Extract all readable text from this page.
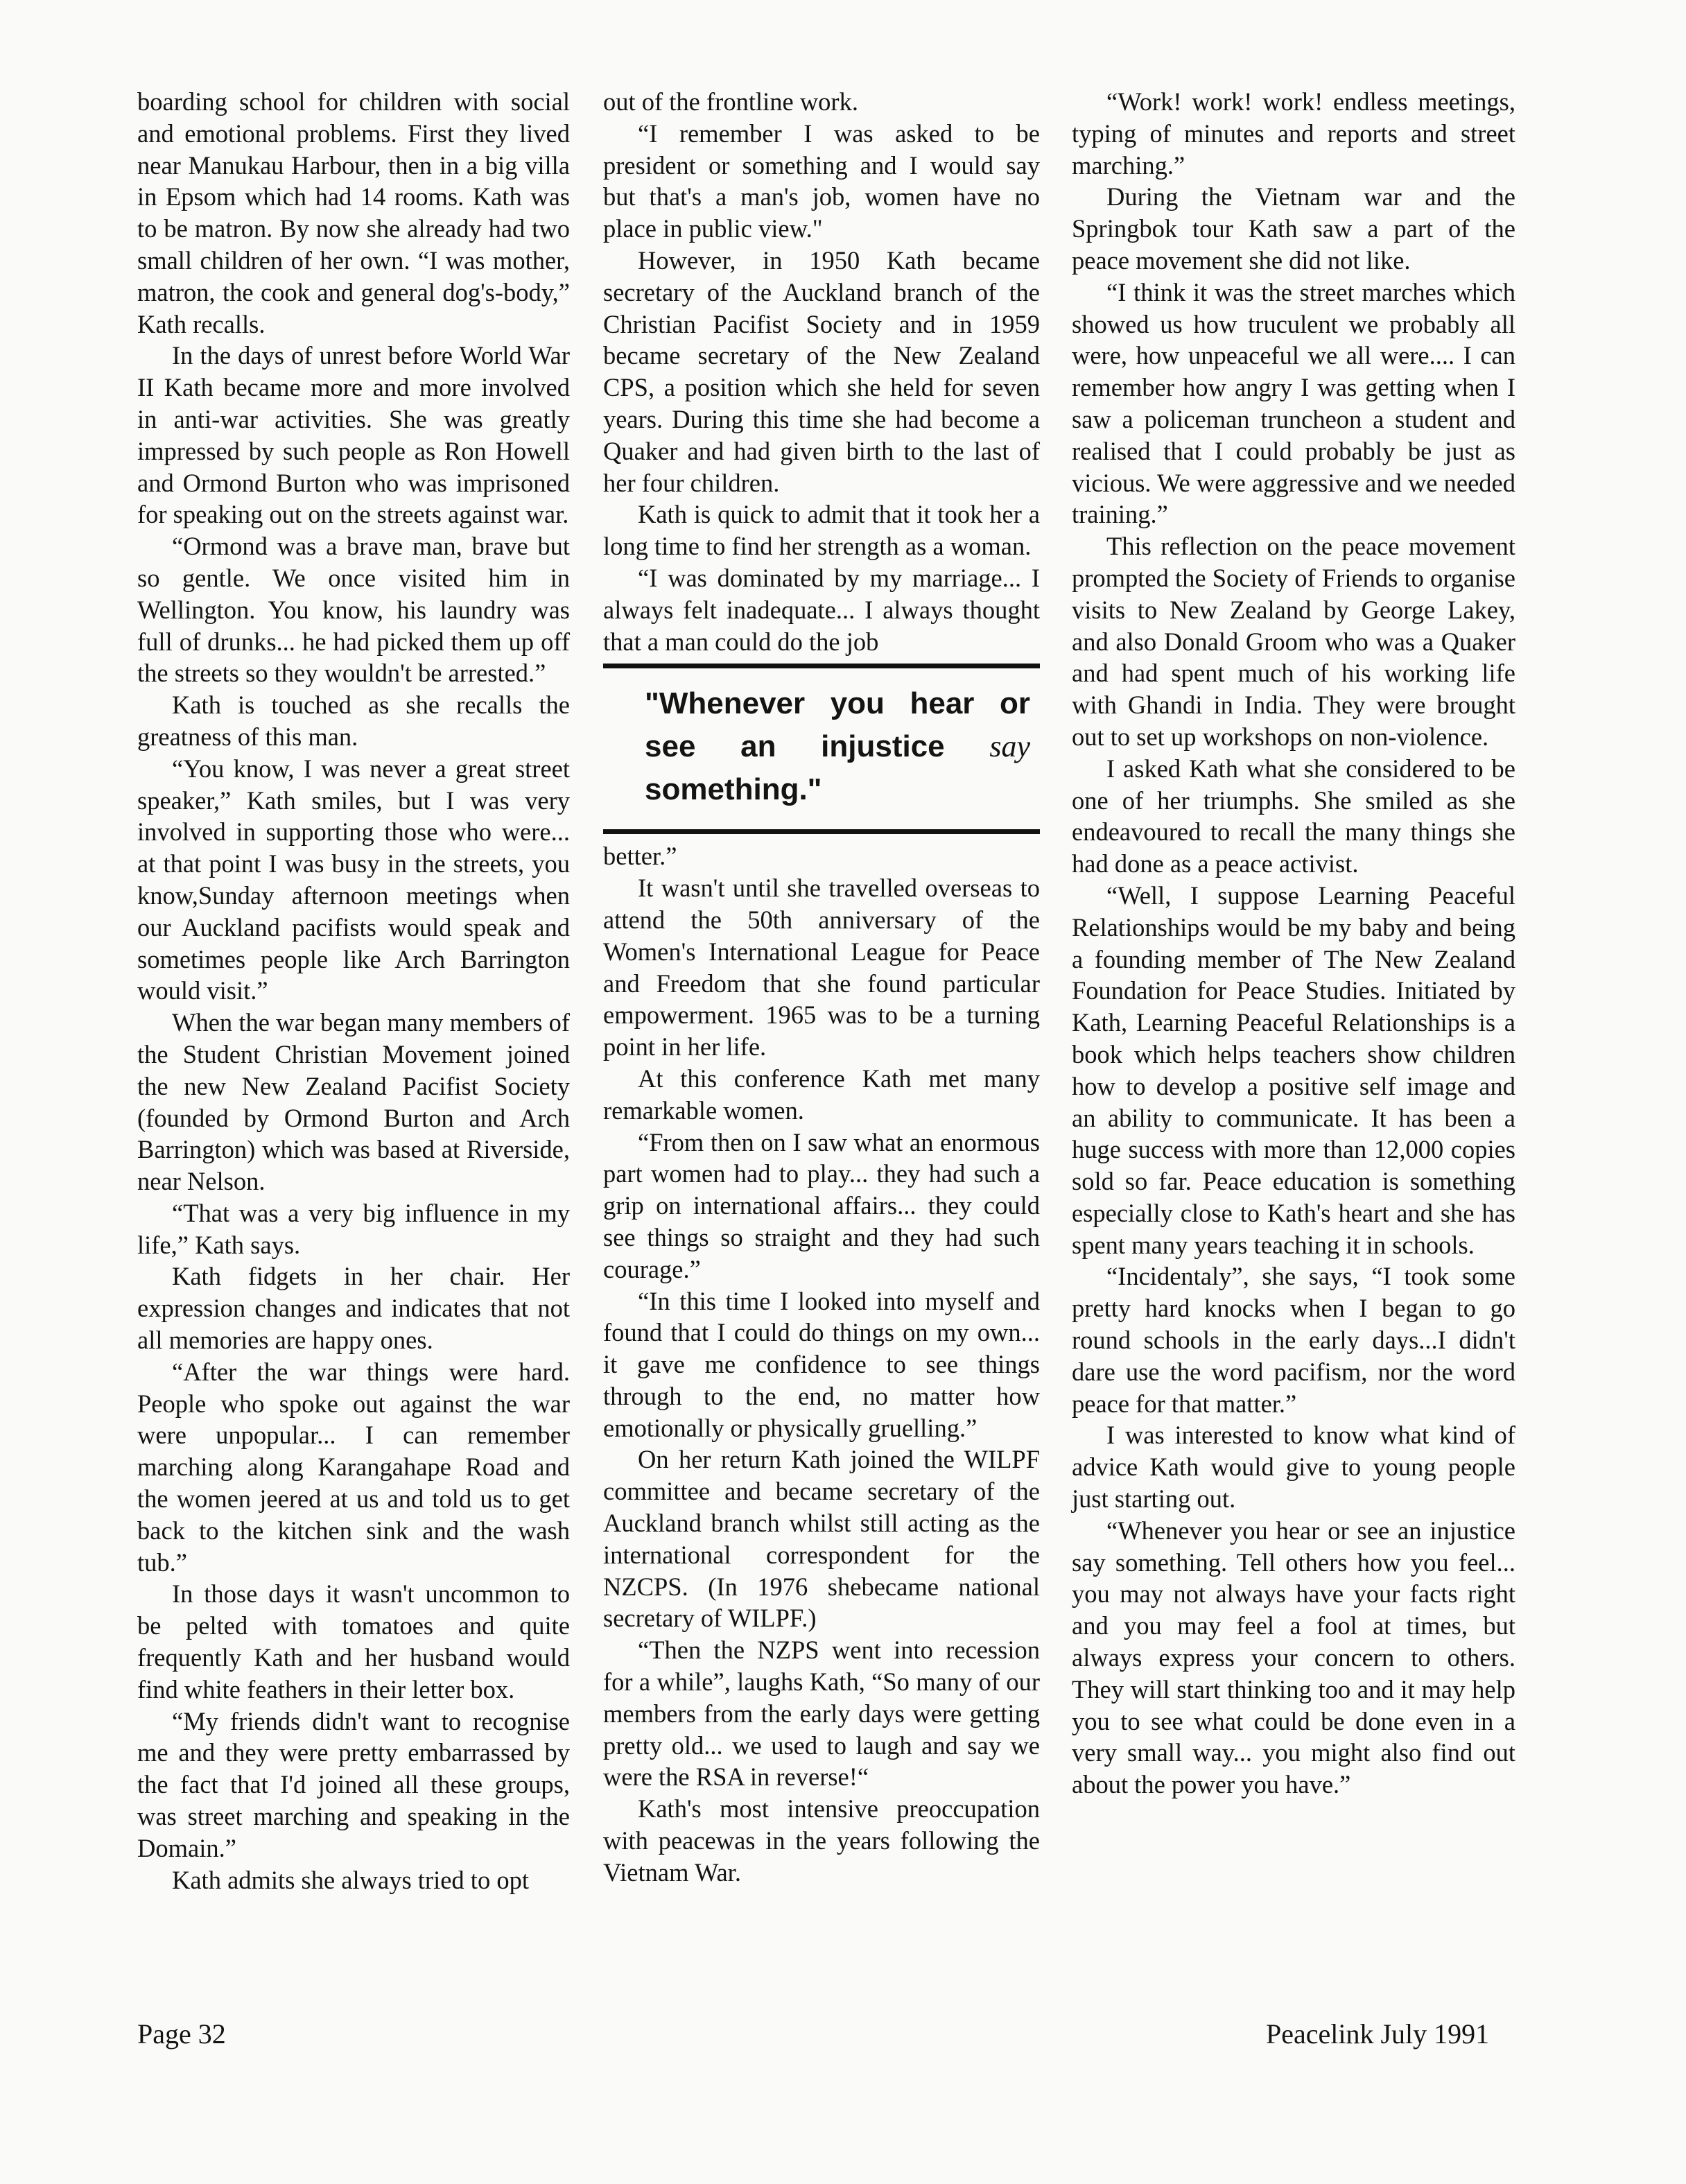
boarding school for children with social and emotional problems. First they lived near Manukau Harbour, then in a big villa in Epsom which had 14 rooms. Kath was to be matron. By now she already had two small children of her own. “I was mother, matron, the cook and general dog's-body,” Kath recalls.

In the days of unrest before World War II Kath became more and more involved in anti-war activities. She was greatly impressed by such people as Ron Howell and Ormond Burton who was imprisoned for speaking out on the streets against war.

“Ormond was a brave man, brave but so gentle. We once visited him in Wellington. You know, his laundry was full of drunks... he had picked them up off the streets so they wouldn't be arrested.”

Kath is touched as she recalls the greatness of this man.

“You know, I was never a great street speaker,” Kath smiles, but I was very involved in supporting those who were... at that point I was busy in the streets, you know,Sunday afternoon meetings when our Auckland pacifists would speak and sometimes people like Arch Barrington would visit.”

When the war began many members of the Student Christian Movement joined the new New Zealand Pacifist Society (founded by Ormond Burton and Arch Barrington) which was based at Riverside, near Nelson.

“That was a very big influence in my life,” Kath says.

Kath fidgets in her chair. Her expression changes and indicates that not all memories are happy ones.

“After the war things were hard. People who spoke out against the war were unpopular... I can remember marching along Karangahape Road and the women jeered at us and told us to get back to the kitchen sink and the wash tub.”

In those days it wasn't uncommon to be pelted with tomatoes and quite frequently Kath and her husband would find white feathers in their letter box.

“My friends didn't want to recognise me and they were pretty embarrassed by the fact that I'd joined all these groups, was street marching and speaking in the Domain.”

Kath admits she always tried to opt

out of the frontline work.

“I remember I was asked to be president or something and I would say but that's a man's job, women have no place in public view."

However, in 1950 Kath became secretary of the Auckland branch of the Christian Pacifist Society and in 1959 became secretary of the New Zealand CPS, a position which she held for seven years. During this time she had become a Quaker and had given birth to the last of her four children.

Kath is quick to admit that it took her a long time to find her strength as a woman.

“I was dominated by my marriage... I always felt inadequate... I always thought that a man could do the job

"Whenever you hear or see an injustice say something."

better.”

It wasn't until she travelled overseas to attend the 50th anniversary of the Women's International League for Peace and Freedom that she found particular empowerment. 1965 was to be a turning point in her life.

At this conference Kath met many remarkable women.

“From then on I saw what an enormous part women had to play... they had such a grip on international affairs... they could see things so straight and they had such courage.”

“In this time I looked into myself and found that I could do things on my own... it gave me confidence to see things through to the end, no matter how emotionally or physically gruelling.”

On her return Kath joined the WILPF committee and became secretary of the Auckland branch whilst still acting as the international correspondent for the NZCPS. (In 1976 shebecame national secretary of WILPF.)

“Then the NZPS went into recession for a while”, laughs Kath, “So many of our members from the early days were getting pretty old... we used to laugh and say we were the RSA in reverse!“

Kath's most intensive preoccupation with peacewas in the years following the Vietnam War.

“Work! work! work! endless meetings, typing of minutes and reports and street marching.”

During the Vietnam war and the Springbok tour Kath saw a part of the peace movement she did not like.

“I think it was the street marches which showed us how truculent we probably all were, how unpeaceful we all were.... I can remember how angry I was getting when I saw a policeman truncheon a student and realised that I could probably be just as vicious. We were aggressive and we needed training.”

This reflection on the peace movement prompted the Society of Friends to organise visits to New Zealand by George Lakey, and also Donald Groom who was a Quaker and had spent much of his working life with Ghandi in India. They were brought out to set up workshops on non-violence.

I asked Kath what she considered to be one of her triumphs. She smiled as she endeavoured to recall the many things she had done as a peace activist.

“Well, I suppose Learning Peaceful Relationships would be my baby and being a founding member of The New Zealand Foundation for Peace Studies. Initiated by Kath, Learning Peaceful Relationships is a book which helps teachers show children how to develop a positive self image and an ability to communicate. It has been a huge success with more than 12,000 copies sold so far. Peace education is something especially close to Kath's heart and she has spent many years teaching it in schools.

“Incidentaly”, she says, “I took some pretty hard knocks when I began to go round schools in the early days...I didn't dare use the word pacifism, nor the word peace for that matter.”

I was interested to know what kind of advice Kath would give to young people just starting out.

“Whenever you hear or see an injustice say something. Tell others how you feel... you may not always have your facts right and you may feel a fool at times, but always express your concern to others. They will start thinking too and it may help you to see what could be done even in a very small way... you might also find out about the power you have.”

Page 32	Peacelink July 1991
